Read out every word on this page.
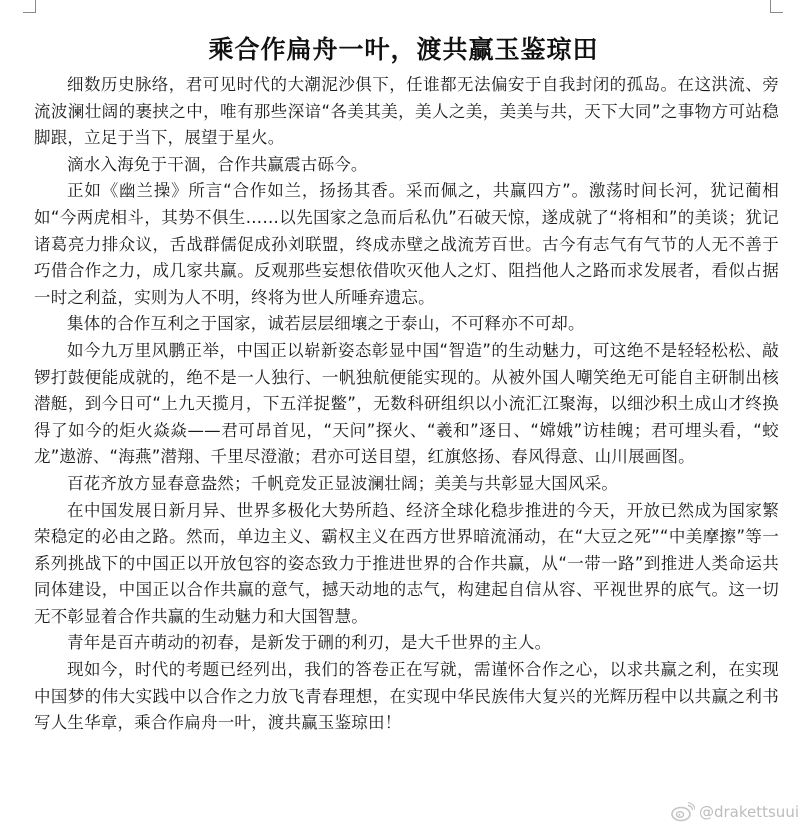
乘合作扁舟一叶，渡共赢玉鉴琼田

细数历史脉络，君可见时代的大潮泥沙俱下，任谁都无法偏安于自我封闭的孤岛。在这洪流、旁流波澜壮阔的裹挟之中，唯有那些深谙“各美其美，美人之美，美美与共，天下大同”之事物方可站稳脚跟，立足于当下，展望于星火。

滴水入海免于干涸，合作共赢震古砾今。

正如《幽兰操》所言“合作如兰，扬扬其香。采而佩之，共赢四方”。激荡时间长河，犹记蔺相如“今两虎相斗，其势不俱生……以先国家之急而后私仇”石破天惊，遂成就了“将相和”的美谈；犹记诸葛亮力排众议，舌战群儒促成孙刘联盟，终成赤壁之战流芳百世。古今有志气有气节的人无不善于巧借合作之力，成几家共赢。反观那些妄想依借吹灭他人之灯、阻挡他人之路而求发展者，看似占据一时之利益，实则为人不明，终将为世人所唾弃遗忘。

集体的合作互利之于国家，诚若层层细壤之于泰山，不可释亦不可却。

如今九万里风鹏正举，中国正以崭新姿态彰显中国“智造”的生动魅力，可这绝不是轻轻松松、敲锣打鼓便能成就的，绝不是一人独行、一帆独航便能实现的。从被外国人嘲笑绝无可能自主研制出核潜艇，到今日可“上九天揽月，下五洋捉鳖”，无数科研组织以小流汇江聚海，以细沙积土成山才终换得了如今的炬火焱焱——君可昂首见，“天问”探火、“羲和”逐日、“嫦娥”访桂魄；君可埋头看，“蛟龙”遨游、“海燕”潜翔、千里尽澄澈；君亦可送目望，红旗悠扬、春风得意、山川展画图。

百花齐放方显春意盎然；千帆竞发正显波澜壮阔；美美与共彰显大国风采。

在中国发展日新月异、世界多极化大势所趋、经济全球化稳步推进的今天，开放已然成为国家繁荣稳定的必由之路。然而，单边主义、霸权主义在西方世界暗流涌动，在“大豆之死”“中美摩擦”等一系列挑战下的中国正以开放包容的姿态致力于推进世界的合作共赢，从“一带一路”到推进人类命运共同体建设，中国正以合作共赢的意气，撼天动地的志气，构建起自信从容、平视世界的底气。这一切无不彰显着合作共赢的生动魅力和大国智慧。

青年是百卉萌动的初春，是新发于硎的利刃，是大千世界的主人。

现如今，时代的考题已经列出，我们的答卷正在写就，需谨怀合作之心，以求共赢之利，在实现中国梦的伟大实践中以合作之力放飞青春理想，在实现中华民族伟大复兴的光辉历程中以共赢之利书写人生华章，乘合作扁舟一叶，渡共赢玉鉴琼田！

@drakettsuui
